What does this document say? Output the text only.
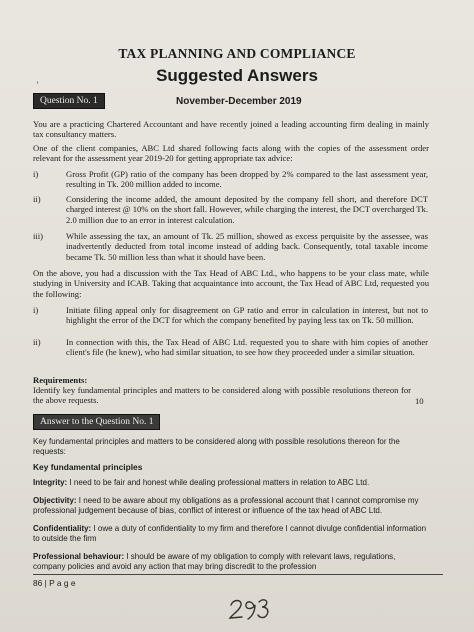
TAX PLANNING AND COMPLIANCE
Suggested Answers
’
Question No. 1	November-December 2019
You are a practicing Chartered Accountant and have recently joined a leading accounting firm dealing in mainly tax consultancy matters.
One of the client companies, ABC Ltd shared following facts along with the copies of the assessment order relevant for the assessment year 2019-20 for getting appropriate tax advice:
i)	Gross Profit (GP) ratio of the company has been dropped by 2% compared to the last assessment year, resulting in Tk. 200 million added to income.
ii)	Considering the income added, the amount deposited by the company fell short, and therefore DCT charged interest @ 10% on the short fall. However, while charging the interest, the DCT overcharged Tk. 2.0 million due to an error in interest calculation.
iii)	While assessing the tax, an amount of Tk. 25 million, showed as excess perquisite by the assessee, was inadvertently deducted from total income instead of adding back. Consequently, total taxable income became Tk. 50 million less than what it should have been.
On the above, you had a discussion with the Tax Head of ABC Ltd., who happens to be your class mate, while studying in University and ICAB. Taking that acquaintance into account, the Tax Head of ABC Ltd, requested you the following:
i)	Initiate filing appeal only for disagreement on GP ratio and error in calculation in interest, but not to highlight the error of the DCT for which the company benefited by paying less tax on Tk. 50 million.
ii)	In connection with this, the Tax Head of ABC Ltd. requested you to share with him copies of another client's file (he knew), who had similar situation, to see how they proceeded under a similar situation.
Requirements:
Identify key fundamental principles and matters to be considered along with possible resolutions thereon for the above requests.	10
Answer to the Question No. 1
Key fundamental principles and matters to be considered along with possible resolutions thereon for the requests:
Key fundamental principles
Integrity: I need to be fair and honest while dealing professional matters in relation to ABC Ltd.
Objectivity: I need to be aware about my obligations as a professional account that I cannot compromise my professional judgement because of bias, conflict of interest or influence of the tax head of ABC Ltd.
Confidentiality: I owe a duty of confidentiality to my firm and therefore I cannot divulge confidential information to outside the firm
Professional behaviour: I should be aware of my obligation to comply with relevant laws, regulations, company policies and avoid any action that may bring discredit to the profession
86 | P a g e
